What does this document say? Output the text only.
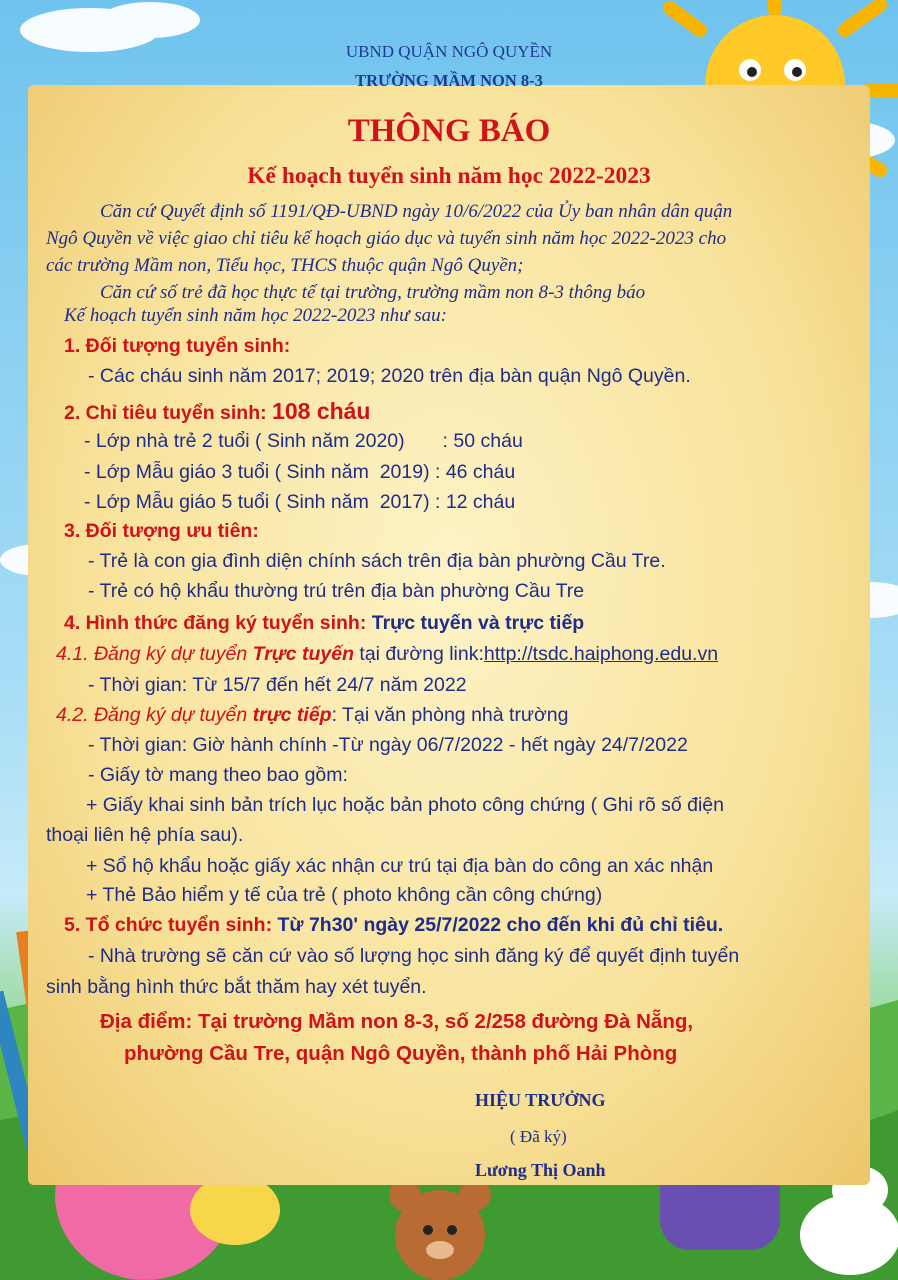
UBND QUẬN NGÔ QUYỀN
TRƯỜNG MẦM NON 8-3
THÔNG BÁO
Kế hoạch tuyển sinh năm học 2022-2023
Căn cứ Quyết định số 1191/QĐ-UBND ngày 10/6/2022 của Ủy ban nhân dân quận
Ngô Quyền về việc giao chỉ tiêu kế hoạch giáo dục và tuyển sinh năm học 2022-2023 cho
các trường Mầm non, Tiểu học, THCS thuộc quận Ngô Quyền;
Căn cứ số trẻ đã học thực tế tại trường, trường mầm non 8-3 thông báo
Kế hoạch tuyển sinh năm học 2022-2023 như sau:
1. Đối tượng tuyển sinh:
- Các cháu sinh năm 2017; 2019; 2020 trên địa bàn quận Ngô Quyền.
2. Chỉ tiêu tuyển sinh: 108 cháu
- Lớp nhà trẻ 2 tuổi ( Sinh năm 2020)       : 50 cháu
- Lớp Mẫu giáo 3 tuổi ( Sinh năm  2019) : 46 cháu
- Lớp Mẫu giáo 5 tuổi ( Sinh năm  2017) : 12 cháu
3. Đối tượng ưu tiên:
- Trẻ là con gia đình diện chính sách trên địa bàn phường Cầu Tre.
- Trẻ có hộ khẩu thường trú trên địa bàn phường Cầu Tre
4. Hình thức đăng ký tuyển sinh: Trực tuyến và trực tiếp
4.1. Đăng ký dự tuyển Trực tuyến tại đường link:http://tsdc.haiphong.edu.vn
- Thời gian: Từ 15/7 đến hết 24/7 năm 2022
4.2. Đăng ký dự tuyển trực tiếp: Tại văn phòng nhà trường
- Thời gian: Giờ hành chính -Từ ngày 06/7/2022 - hết ngày 24/7/2022
- Giấy tờ mang theo bao gồm:
+ Giấy khai sinh bản trích lục hoặc bản photo công chứng ( Ghi rõ số điện
thoại liên hệ phía sau).
+ Sổ hộ khẩu hoặc giấy xác nhận cư trú tại địa bàn do công an xác nhận
+ Thẻ Bảo hiểm y tế của trẻ ( photo không cần công chứng)
5. Tổ chức tuyển sinh: Từ 7h30' ngày 25/7/2022 cho đến khi đủ chỉ tiêu.
- Nhà trường sẽ căn cứ vào số lượng học sinh đăng ký để quyết định tuyển
sinh bằng hình thức bắt thăm hay xét tuyển.
Địa điểm: Tại trường Mầm non 8-3, số 2/258 đường Đà Nẵng,
phường Cầu Tre, quận Ngô Quyền, thành phố Hải Phòng
HIỆU TRƯỞNG
( Đã ký)
Lương Thị Oanh
